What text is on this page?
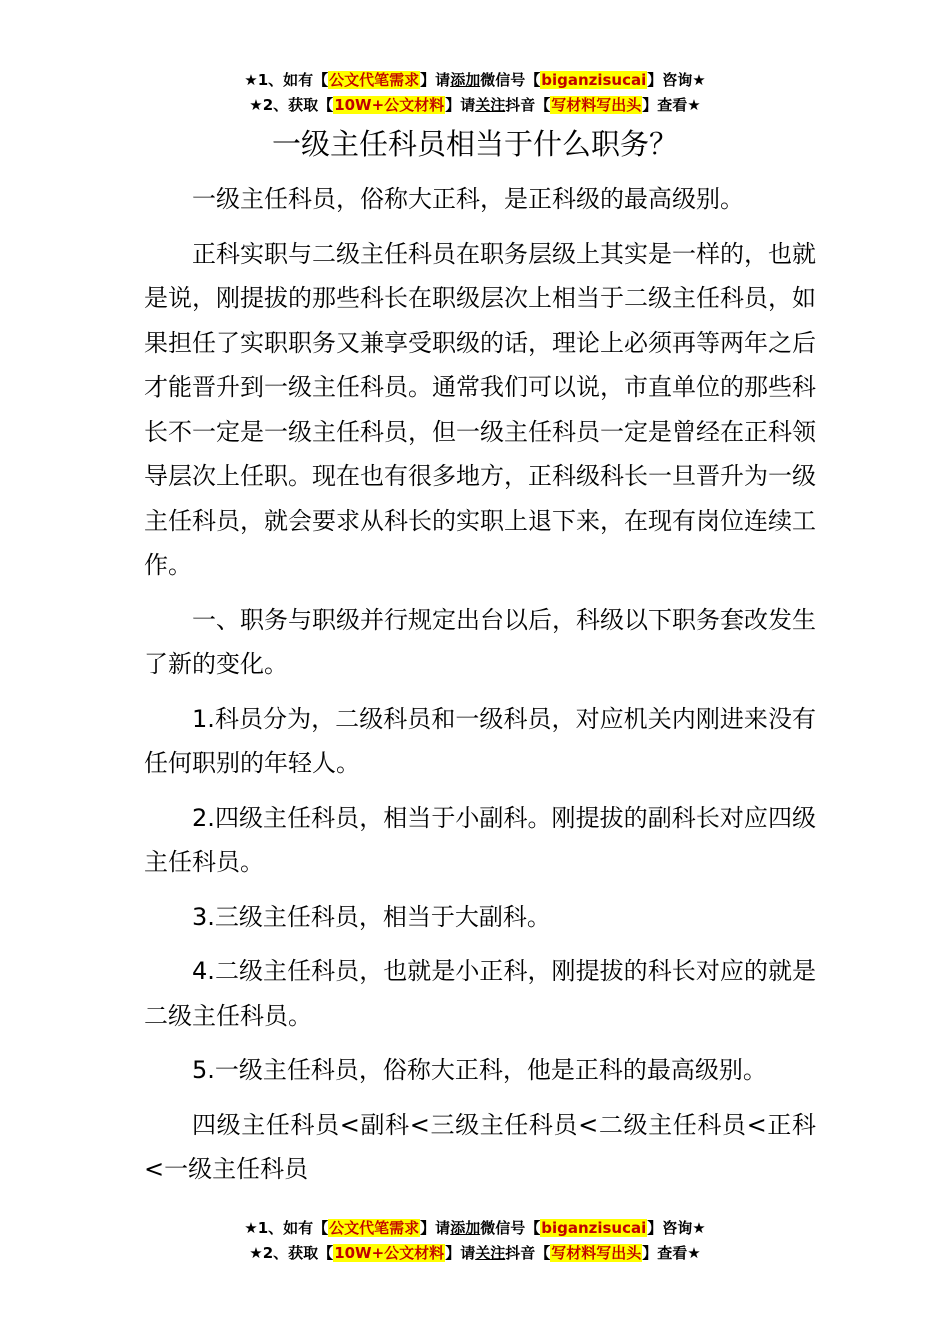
★1、如有【公文代笔需求】请添加微信号【biganzisucai】咨询★
★2、获取【10W+公文材料】请关注抖音【写材料写出头】查看★
一级主任科员相当于什么职务？

一级主任科员，俗称大正科，是正科级的最高级别。

正科实职与二级主任科员在职务层级上其实是一样的，也就是说，刚提拔的那些科长在职级层次上相当于二级主任科员，如果担任了实职职务又兼享受职级的话，理论上必须再等两年之后才能晋升到一级主任科员。通常我们可以说，市直单位的那些科长不一定是一级主任科员，但一级主任科员一定是曾经在正科领导层次上任职。现在也有很多地方，正科级科长一旦晋升为一级主任科员，就会要求从科长的实职上退下来，在现有岗位连续工作。

一、职务与职级并行规定出台以后，科级以下职务套改发生了新的变化。

1.科员分为，二级科员和一级科员，对应机关内刚进来没有任何职别的年轻人。

2.四级主任科员，相当于小副科。刚提拔的副科长对应四级主任科员。

3.三级主任科员，相当于大副科。

4.二级主任科员，也就是小正科，刚提拔的科长对应的就是二级主任科员。

5.一级主任科员，俗称大正科，他是正科的最高级别。

四级主任科员<副科<三级主任科员<二级主任科员<正科<一级主任科员

★1、如有【公文代笔需求】请添加微信号【biganzisucai】咨询★
★2、获取【10W+公文材料】请关注抖音【写材料写出头】查看★
